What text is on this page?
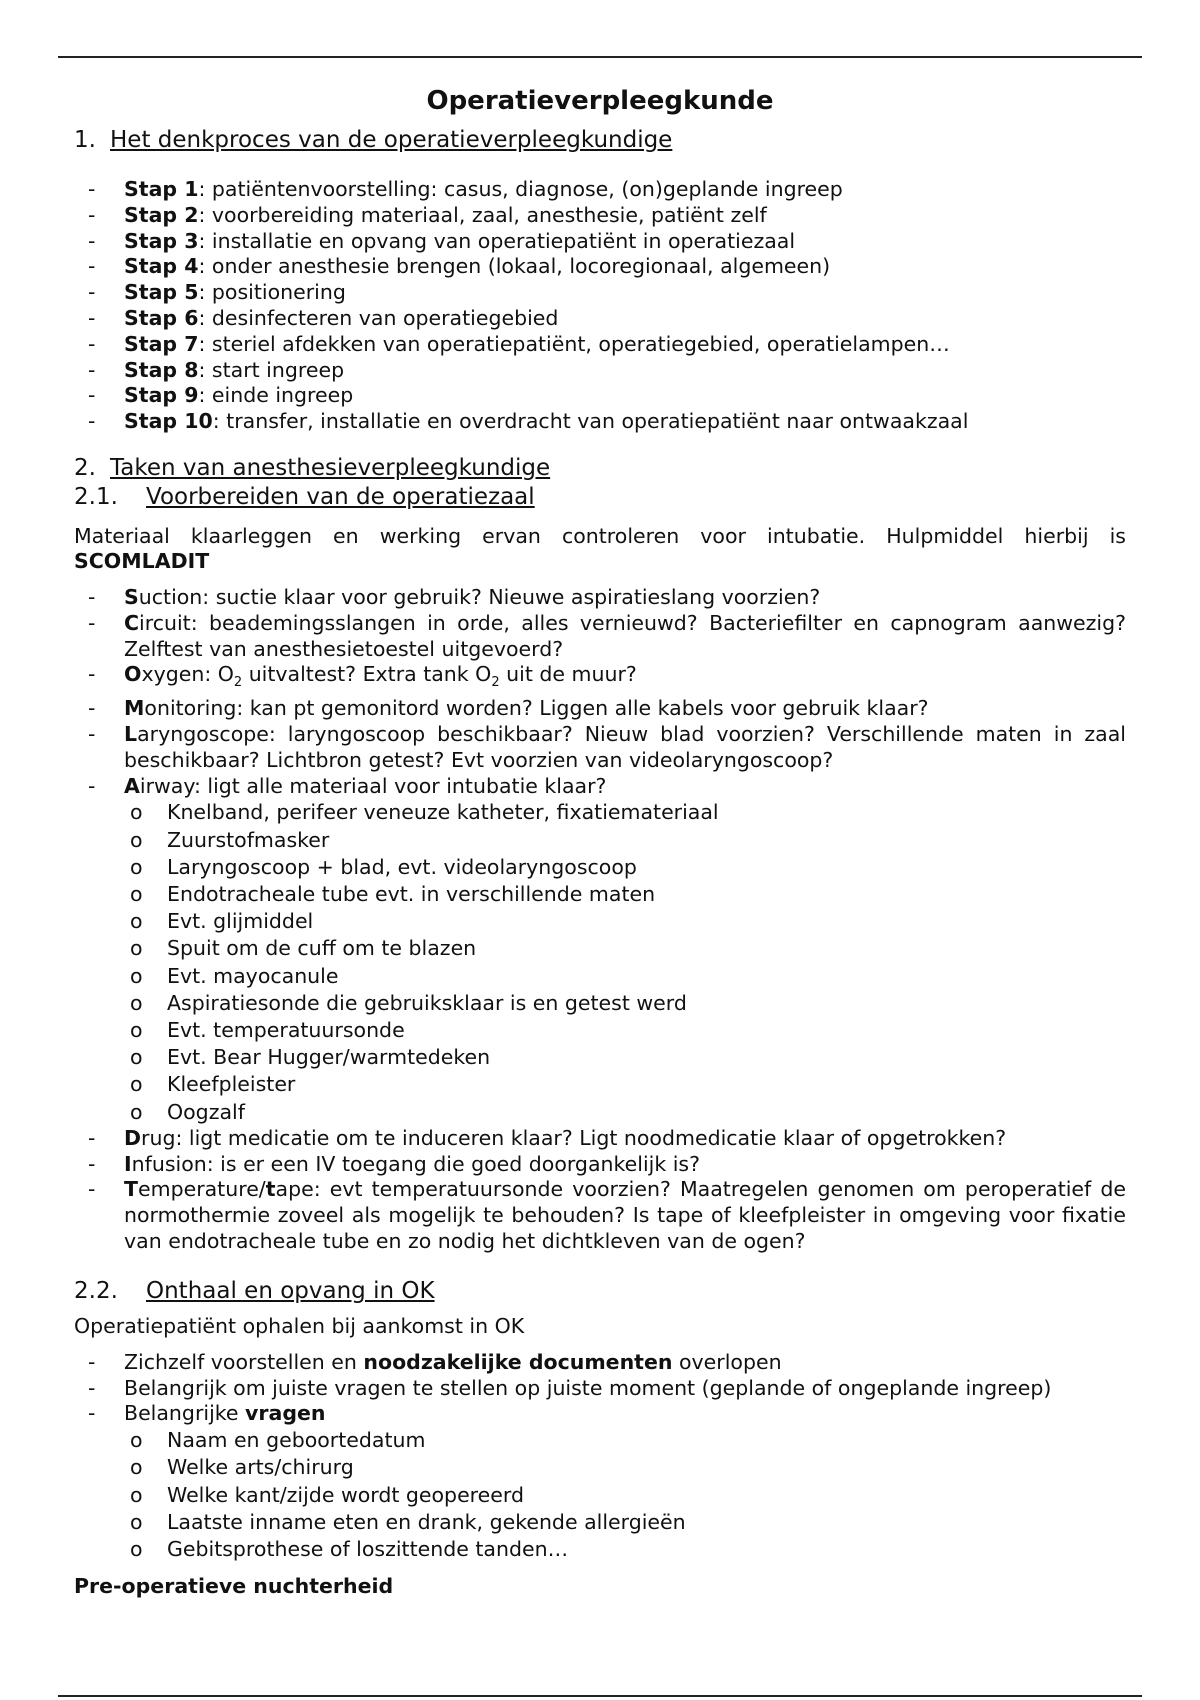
Operatieverpleegkunde
1. Het denkproces van de operatieverpleegkundige
- Stap 1: patiëntenvoorstelling: casus, diagnose, (on)geplande ingreep
- Stap 2: voorbereiding materiaal, zaal, anesthesie, patiënt zelf
- Stap 3: installatie en opvang van operatiepatiënt in operatiezaal
- Stap 4: onder anesthesie brengen (lokaal, locoregionaal, algemeen)
- Stap 5: positionering
- Stap 6: desinfecteren van operatiegebied
- Stap 7: steriel afdekken van operatiepatiënt, operatiegebied, operatielampen…
- Stap 8: start ingreep
- Stap 9: einde ingreep
- Stap 10: transfer, installatie en overdracht van operatiepatiënt naar ontwaakzaal
2. Taken van anesthesieverpleegkundige
2.1. Voorbereiden van de operatiezaal

Materiaal klaarleggen en werking ervan controleren voor intubatie. Hulpmiddel hierbij is

SCOMLADIT

- Suction: suctie klaar voor gebruik? Nieuwe aspiratieslang voorzien?
- Circuit: beademingsslangen in orde, alles vernieuwd? Bacteriefilter en capnogram aanwezig? Zelftest van anesthesietoestel uitgevoerd?
- Oxygen: $O_2$ uitvaltest? Extra tank $O_2$ uit de muur?
- Monitoring: kan pt gemonitord worden? Liggen alle kabels voor gebruik klaar?
- Laryngoscope: laryngoscoop beschikbaar? Nieuw blad voorzien? Verschillende maten in zaal beschikbaar? Lichtbron getest? Evt voorzien van videolaryngoscoop?
- Airway: ligt alle materiaal voor intubatie klaar?
o Knelband, perifeer veneuze katheter, fixatiemateriaal
o Zuurstofmasker
o Laryngoscoop + blad, evt. videolaryngoscoop
o Endotracheale tube evt. in verschillende maten
o Evt. glijmiddel
o Spuit om de cuff om te blazen
o Evt. mayocanule
o Aspiratiesonde die gebruiksklaar is en getest werd
o Evt. temperatuursonde
o Evt. Bear Hugger/warmtedeken
o Kleefpleister
o Oogzalf
- Drug: ligt medicatie om te induceren klaar? Ligt noodmedicatie klaar of opgetrokken?
- Infusion: is er een IV toegang die goed doorgankelijk is?
- Temperature/tape: evt temperatuursonde voorzien? Maatregelen genomen om peroperatief de normothermie zoveel als mogelijk te behouden? Is tape of kleefpleister in omgeving voor fixatie van endotracheale tube en zo nodig het dichtkleven van de ogen?
2.2. Onthaal en opvang in OK

Operatiepatiënt ophalen bij aankomst in OK

- Zichzelf voorstellen en noodzakelijke documenten overlopen
- Belangrijk om juiste vragen te stellen op juiste moment (geplande of ongeplande ingreep)
- Belangrijke vragen
o Naam en geboortedatum
o Welke arts/chirurg
o Welke kant/zijde wordt geopereerd
o Laatste inname eten en drank, gekende allergieën
o Gebitsprothese of loszittende tanden…

Pre-operatieve nuchterheid
